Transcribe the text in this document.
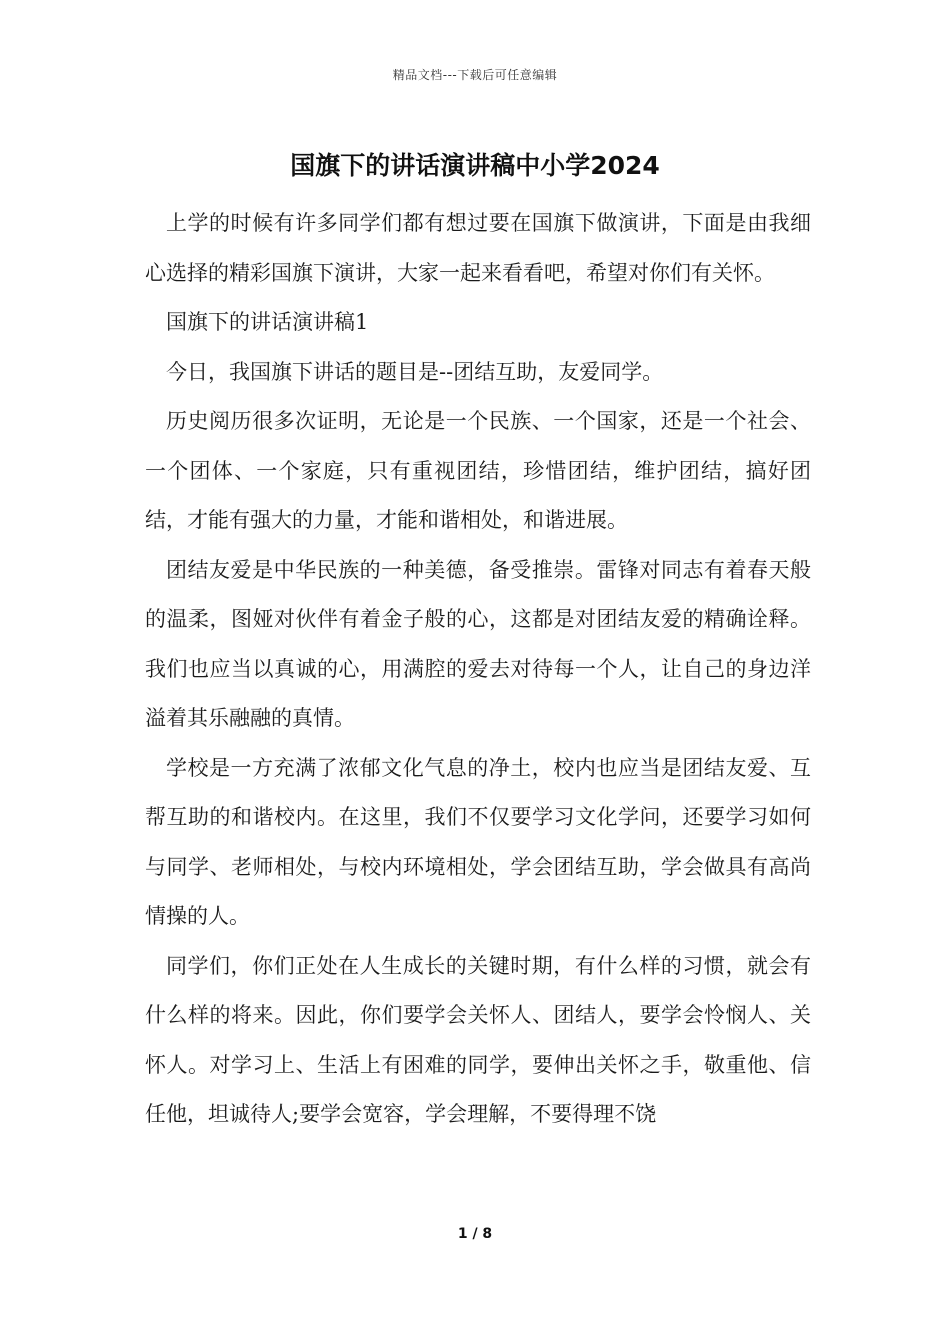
精品文档---下载后可任意编辑
国旗下的讲话演讲稿中小学2024

上学的时候有许多同学们都有想过要在国旗下做演讲，下面是由我细心选择的精彩国旗下演讲，大家一起来看看吧，希望对你们有关怀。

国旗下的讲话演讲稿1

今日，我国旗下讲话的题目是--团结互助，友爱同学。

历史阅历很多次证明，无论是一个民族、一个国家，还是一个社会、一个团体、一个家庭，只有重视团结，珍惜团结，维护团结，搞好团结，才能有强大的力量，才能和谐相处，和谐进展。

团结友爱是中华民族的一种美德，备受推崇。雷锋对同志有着春天般的温柔，图娅对伙伴有着金子般的心，这都是对团结友爱的精确诠释。我们也应当以真诚的心，用满腔的爱去对待每一个人，让自己的身边洋溢着其乐融融的真情。

学校是一方充满了浓郁文化气息的净土，校内也应当是团结友爱、互帮互助的和谐校内。在这里，我们不仅要学习文化学问，还要学习如何与同学、老师相处，与校内环境相处，学会团结互助，学会做具有高尚情操的人。

同学们，你们正处在人生成长的关键时期，有什么样的习惯，就会有什么样的将来。因此，你们要学会关怀人、团结人，要学会怜悯人、关怀人。对学习上、生活上有困难的同学，要伸出关怀之手，敬重他、信任他，坦诚待人;要学会宽容，学会理解，不要得理不饶

1 / 8
